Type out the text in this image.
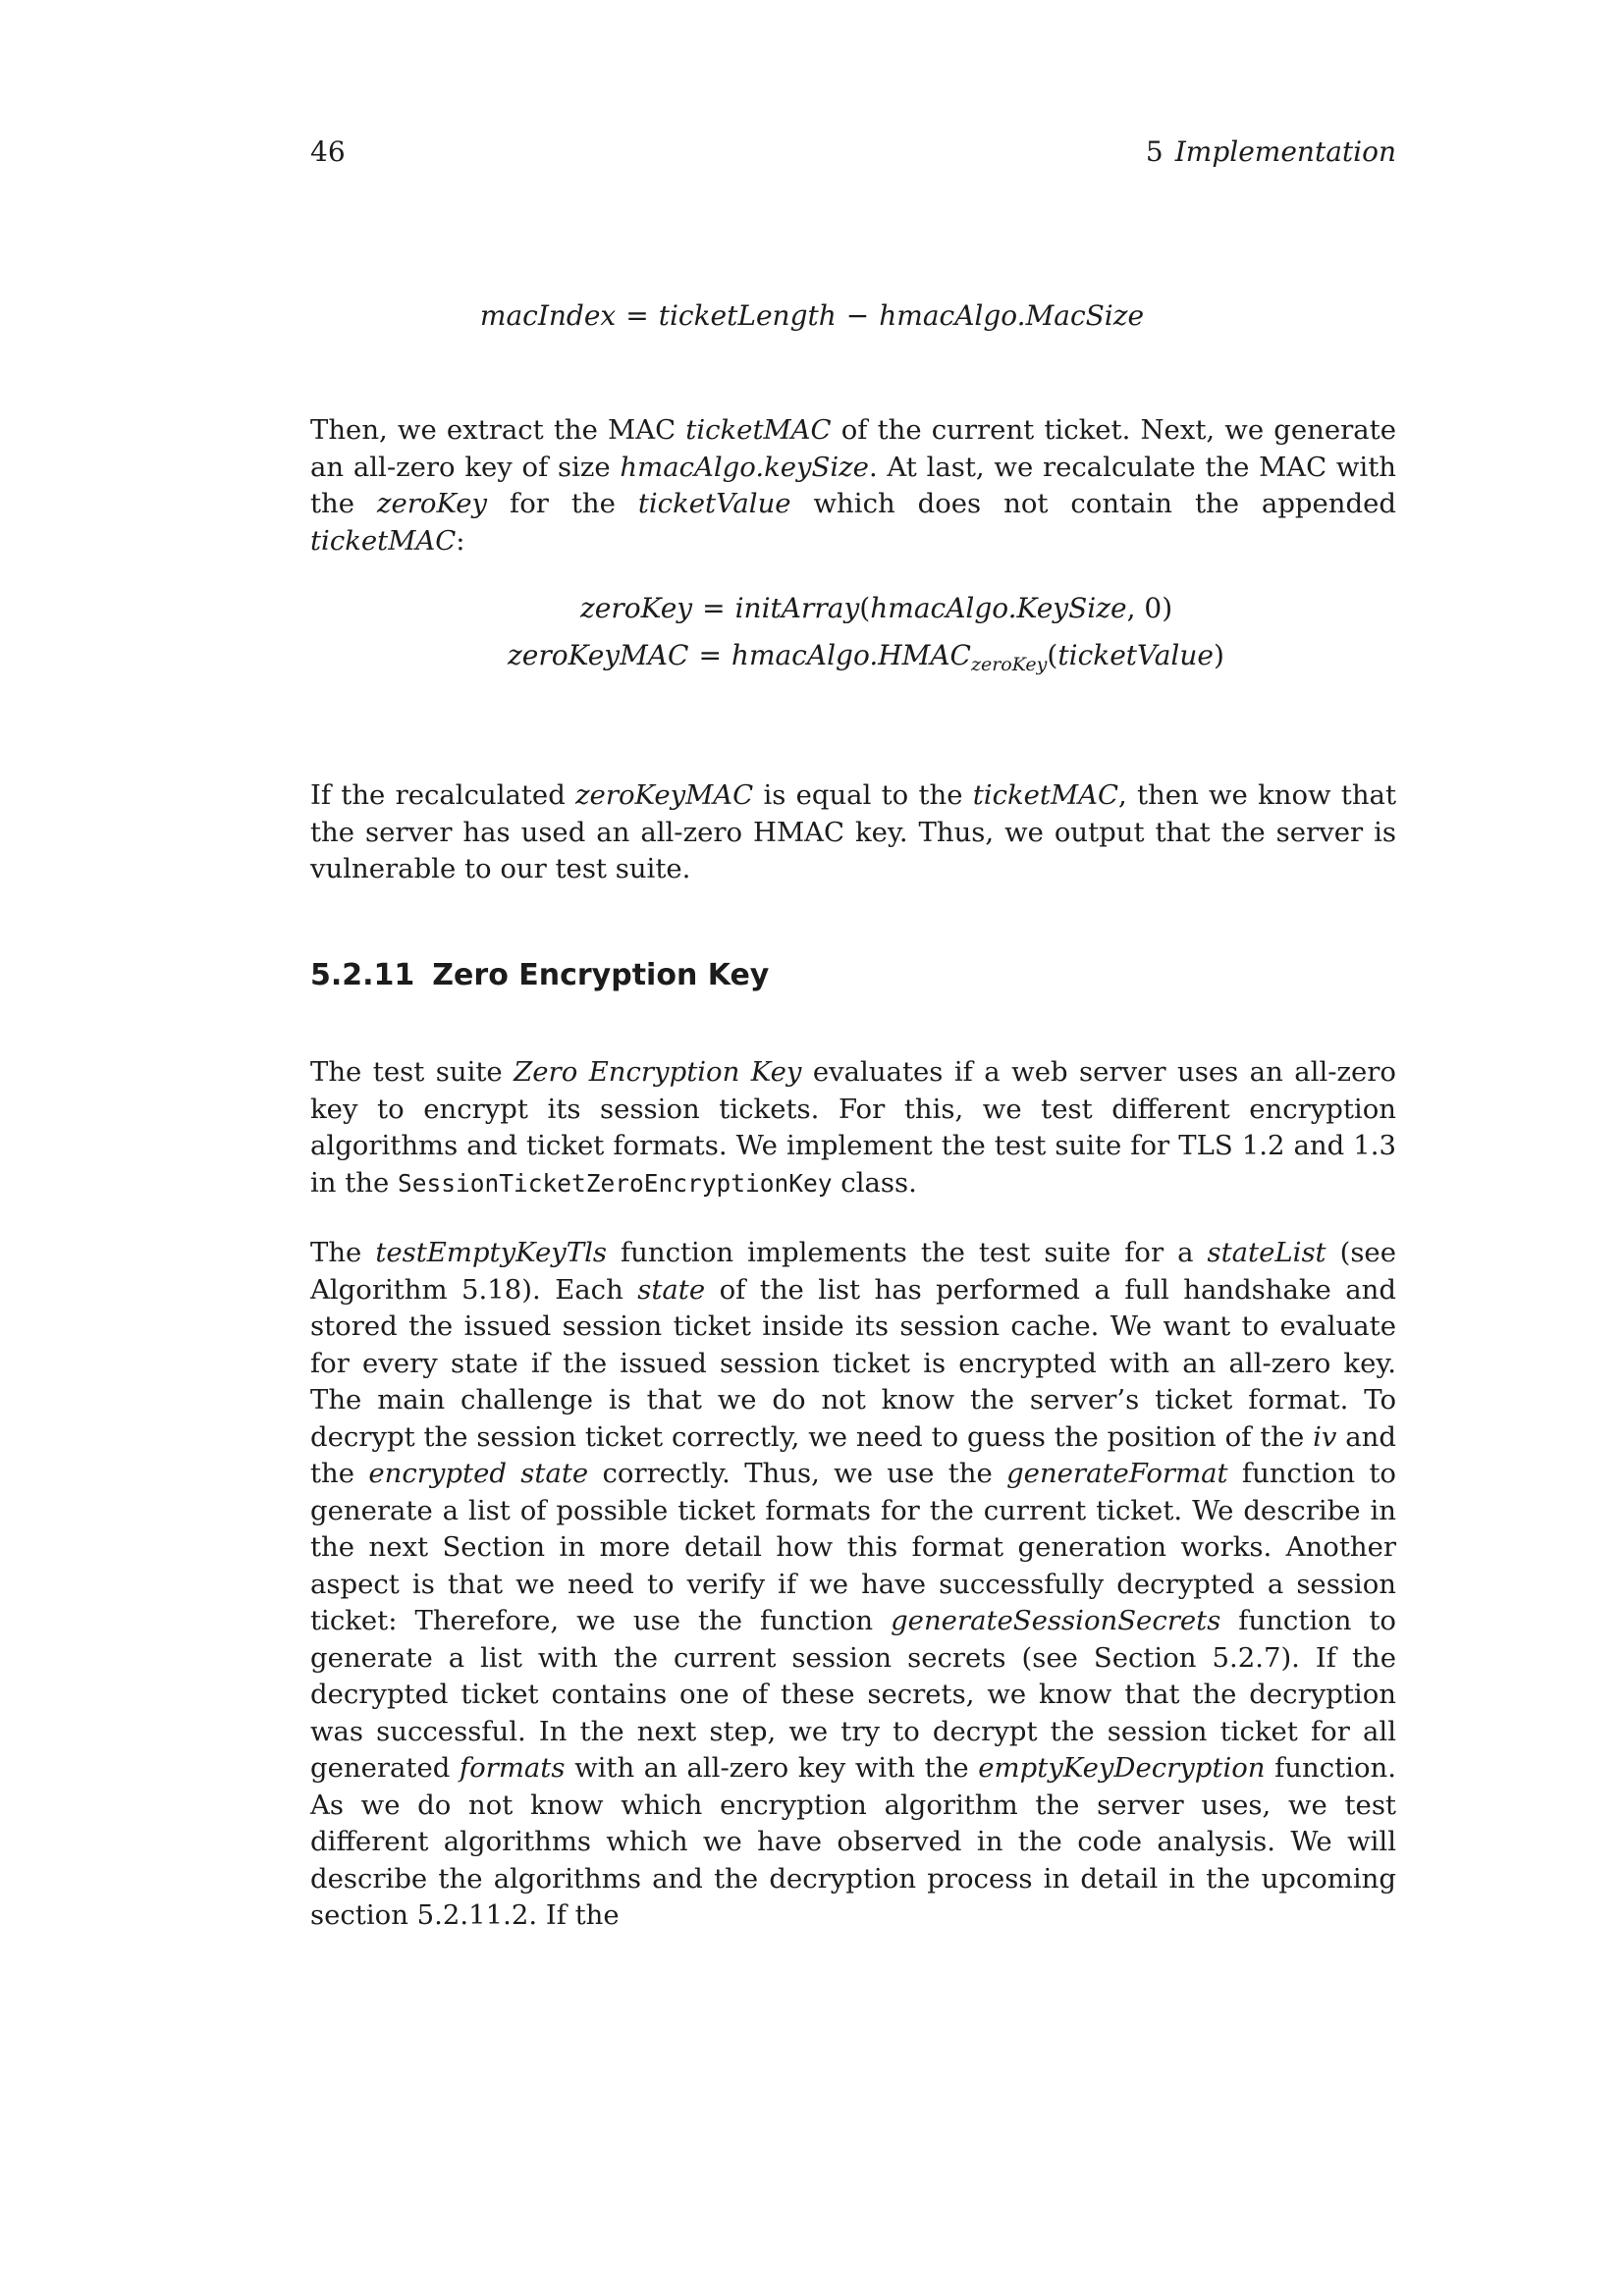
46	5 Implementation
macIndex = ticketLength − hmacAlgo.MacSize

Then, we extract the MAC ticketMAC of the current ticket. Next, we generate an all-zero key of size hmacAlgo.keySize. At last, we recalculate the MAC with the zeroKey for the ticketValue which does not contain the appended ticketMAC:

zeroKey = initArray(hmacAlgo.KeySize, 0)
zeroKeyMAC = $hmacAlgo.HMAC_{zeroKey}(ticketValue)$

If the recalculated zeroKeyMAC is equal to the ticketMAC, then we know that the server has used an all-zero HMAC key. Thus, we output that the server is vulnerable to our test suite.

5.2.11 Zero Encryption Key

The test suite Zero Encryption Key evaluates if a web server uses an all-zero key to encrypt its session tickets. For this, we test different encryption algorithms and ticket formats. We implement the test suite for TLS 1.2 and 1.3 in the SessionTicketZeroEncryptionKey class.

The testEmptyKeyTls function implements the test suite for a stateList (see Algorithm 5.18). Each state of the list has performed a full handshake and stored the issued session ticket inside its session cache. We want to evaluate for every state if the issued session ticket is encrypted with an all-zero key. The main challenge is that we do not know the server’s ticket format. To decrypt the session ticket correctly, we need to guess the position of the iv and the encrypted state correctly. Thus, we use the generateFormat function to generate a list of possible ticket formats for the current ticket. We describe in the next Section in more detail how this format generation works. Another aspect is that we need to verify if we have successfully decrypted a session ticket: Therefore, we use the function generateSessionSecrets function to generate a list with the current session secrets (see Section 5.2.7). If the decrypted ticket contains one of these secrets, we know that the decryption was successful. In the next step, we try to decrypt the session ticket for all generated formats with an all-zero key with the emptyKeyDecryption function. As we do not know which encryption algorithm the server uses, we test different algorithms which we have observed in the code analysis. We will describe the algorithms and the decryption process in detail in the upcoming section 5.2.11.2. If the
